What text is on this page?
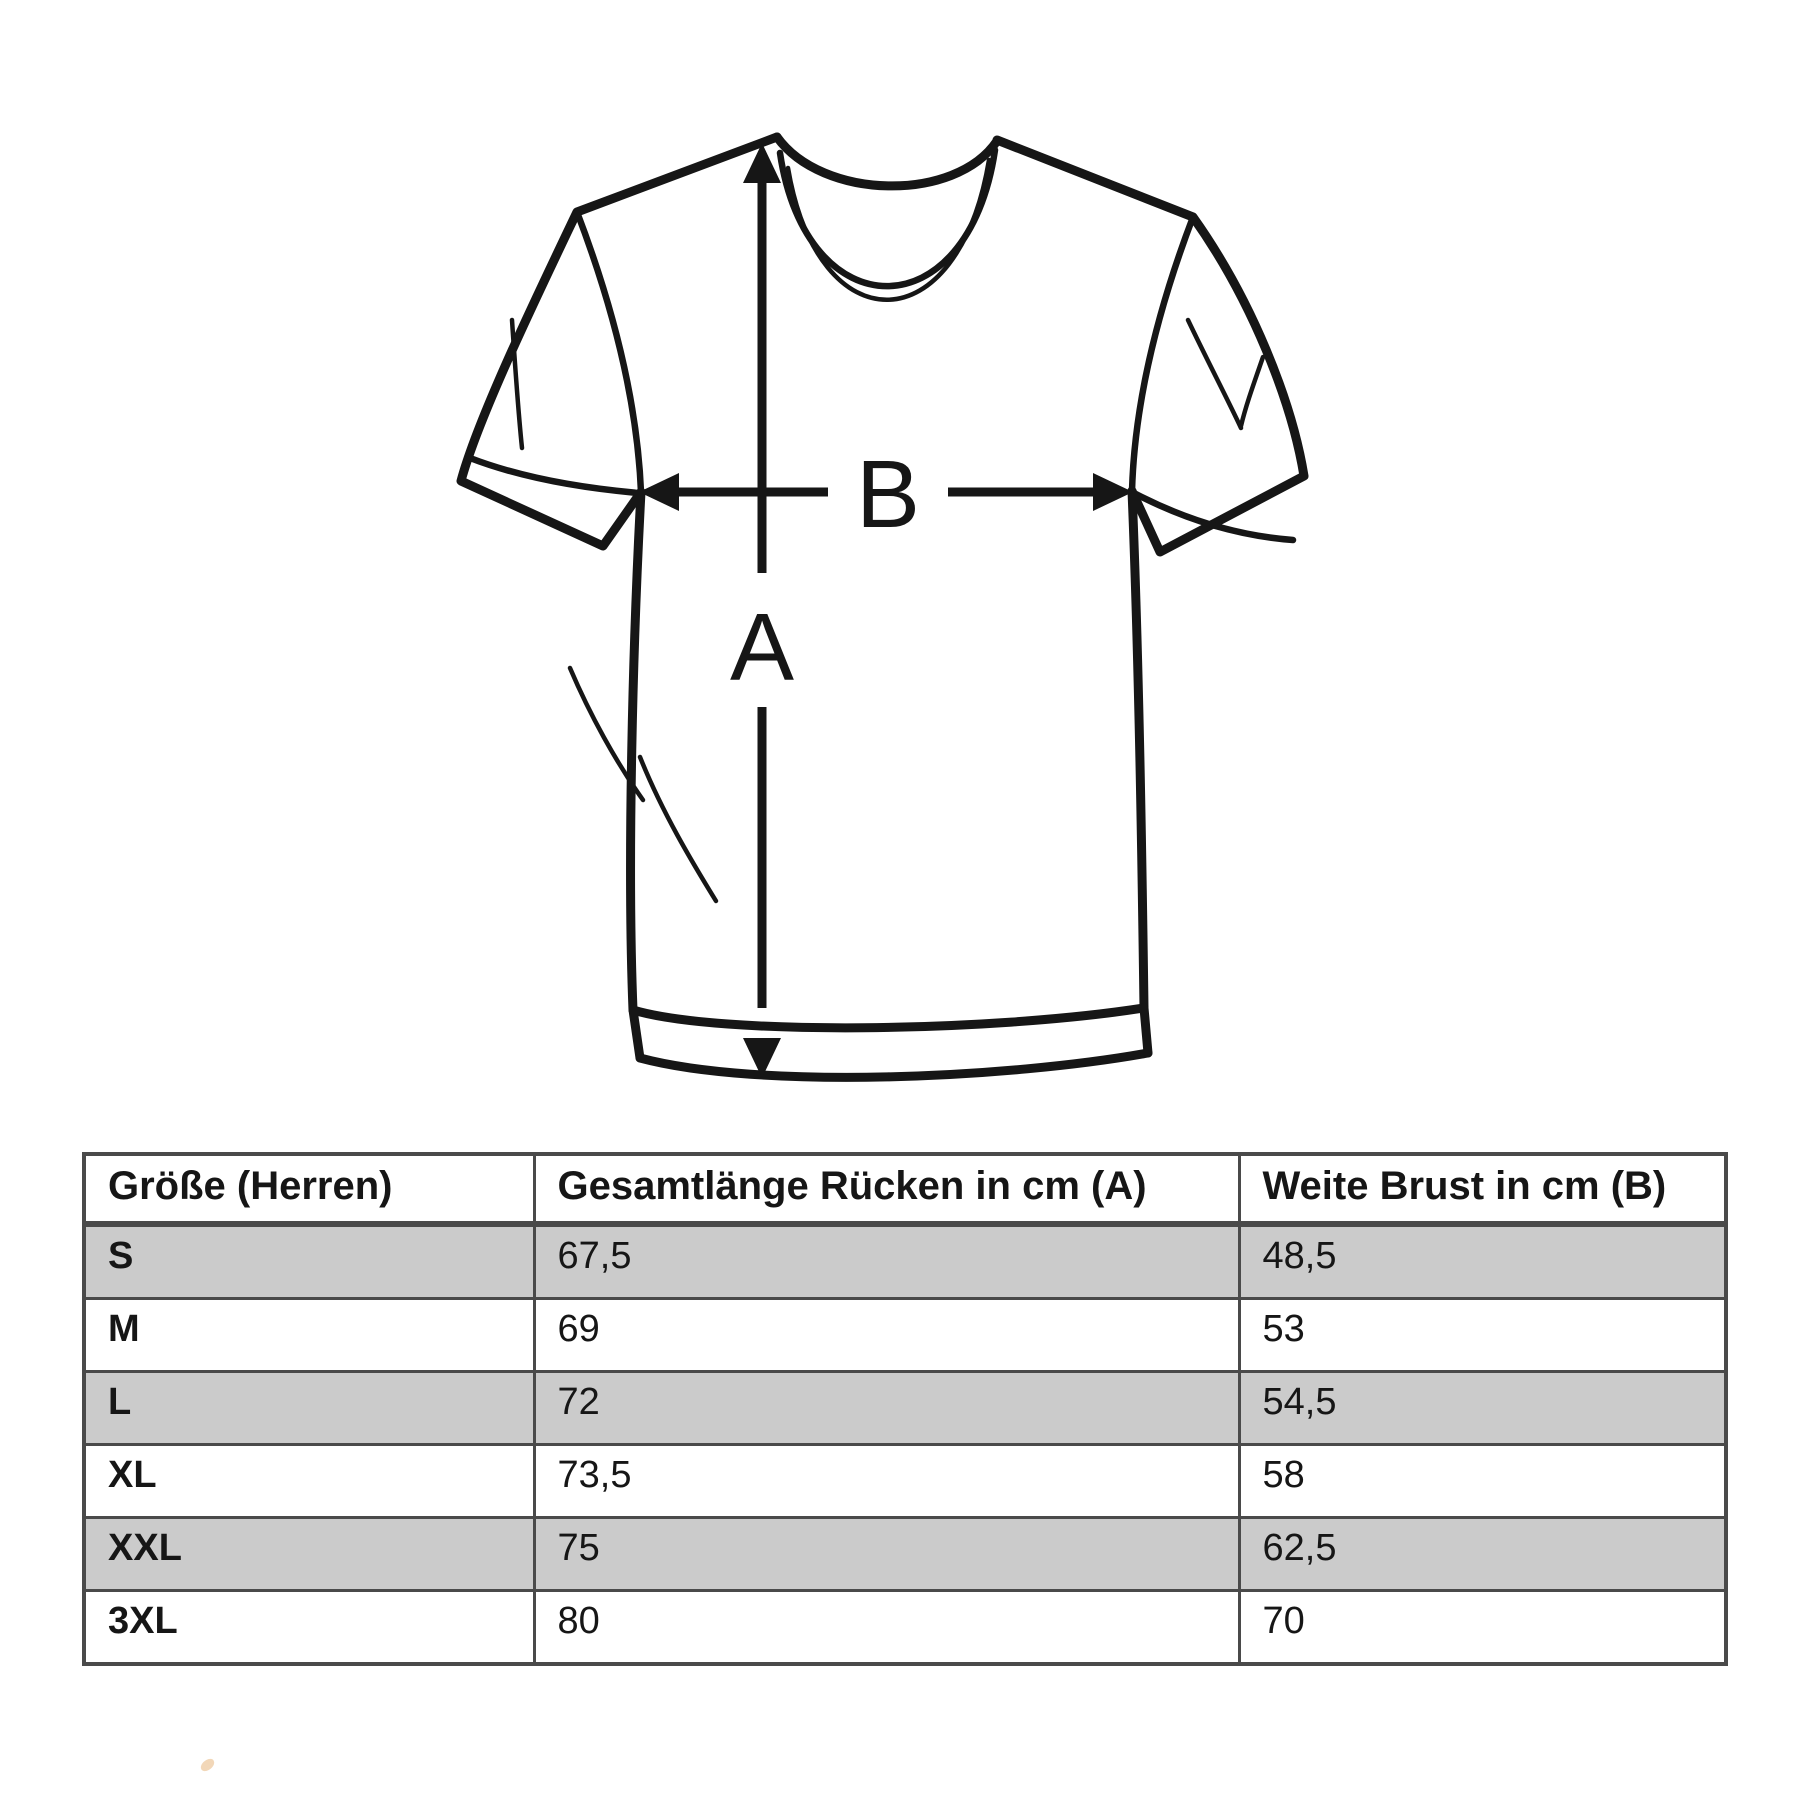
A
B
Größe (Herren)	Gesamtlänge Rücken in cm (A)	Weite Brust in cm (B)
S	67,5	48,5
M	69	53
L	72	54,5
XL	73,5	58
XXL	75	62,5
3XL	80	70
